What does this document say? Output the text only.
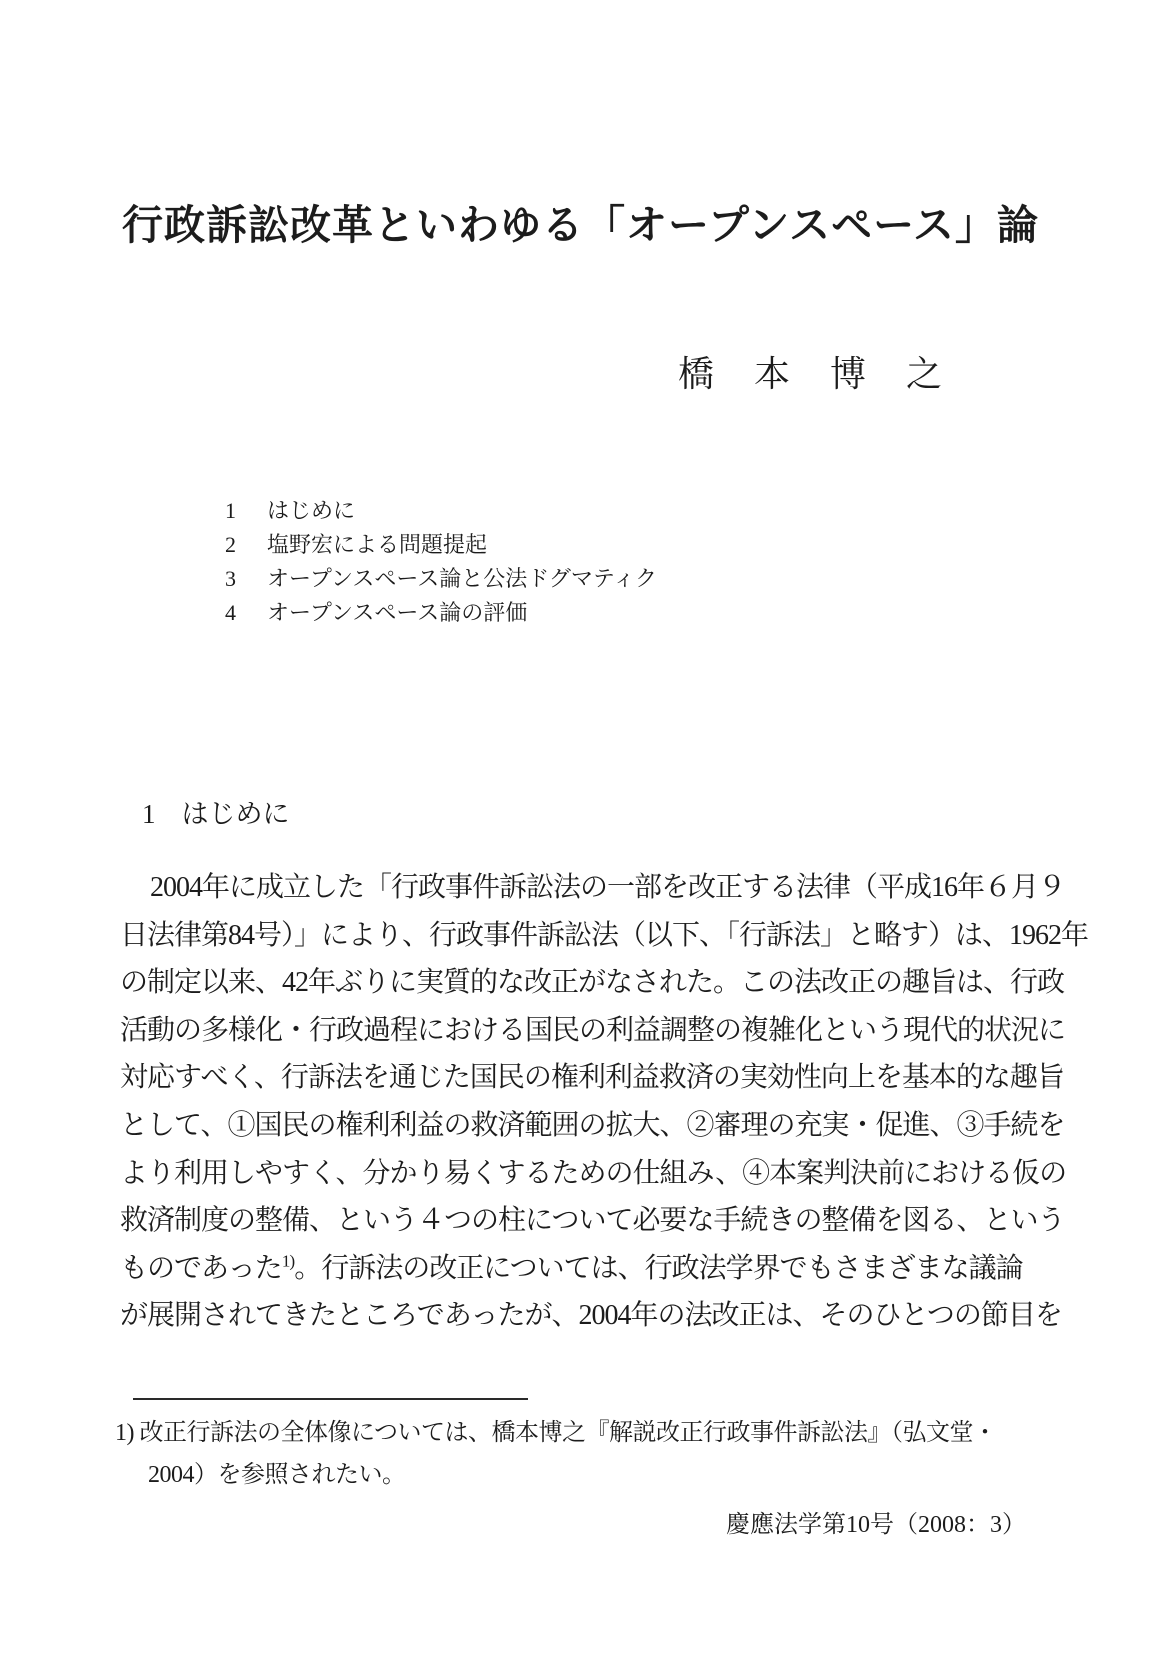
行政訴訟改革といわゆる「オープンスペース」論
橋　本　博　之
1 はじめに
2 塩野宏による問題提起
3 オープンスペース論と公法ドグマティク
4 オープンスペース論の評価
1 はじめに
2004年に成立した「行政事件訴訟法の一部を改正する法律（平成16年６月９
日法律第84号）」により、行政事件訴訟法（以下、「行訴法」と略す）は、1962年
の制定以来、42年ぶりに実質的な改正がなされた。この法改正の趣旨は、行政
活動の多様化・行政過程における国民の利益調整の複雑化という現代的状況に
対応すべく、行訴法を通じた国民の権利利益救済の実効性向上を基本的な趣旨
として、①国民の権利利益の救済範囲の拡大、②審理の充実・促進、③手続を
より利用しやすく、分かり易くするための仕組み、④本案判決前における仮の
救済制度の整備、という４つの柱について必要な手続きの整備を図る、という
ものであった$^{1)}$。行訴法の改正については、行政法学界でもさまざまな議論
が展開されてきたところであったが、2004年の法改正は、そのひとつの節目を
1) 改正行訴法の全体像については、橋本博之『解説改正行政事件訴訟法』（弘文堂・
2004）を参照されたい。
慶應法学第10号（2008：3）
